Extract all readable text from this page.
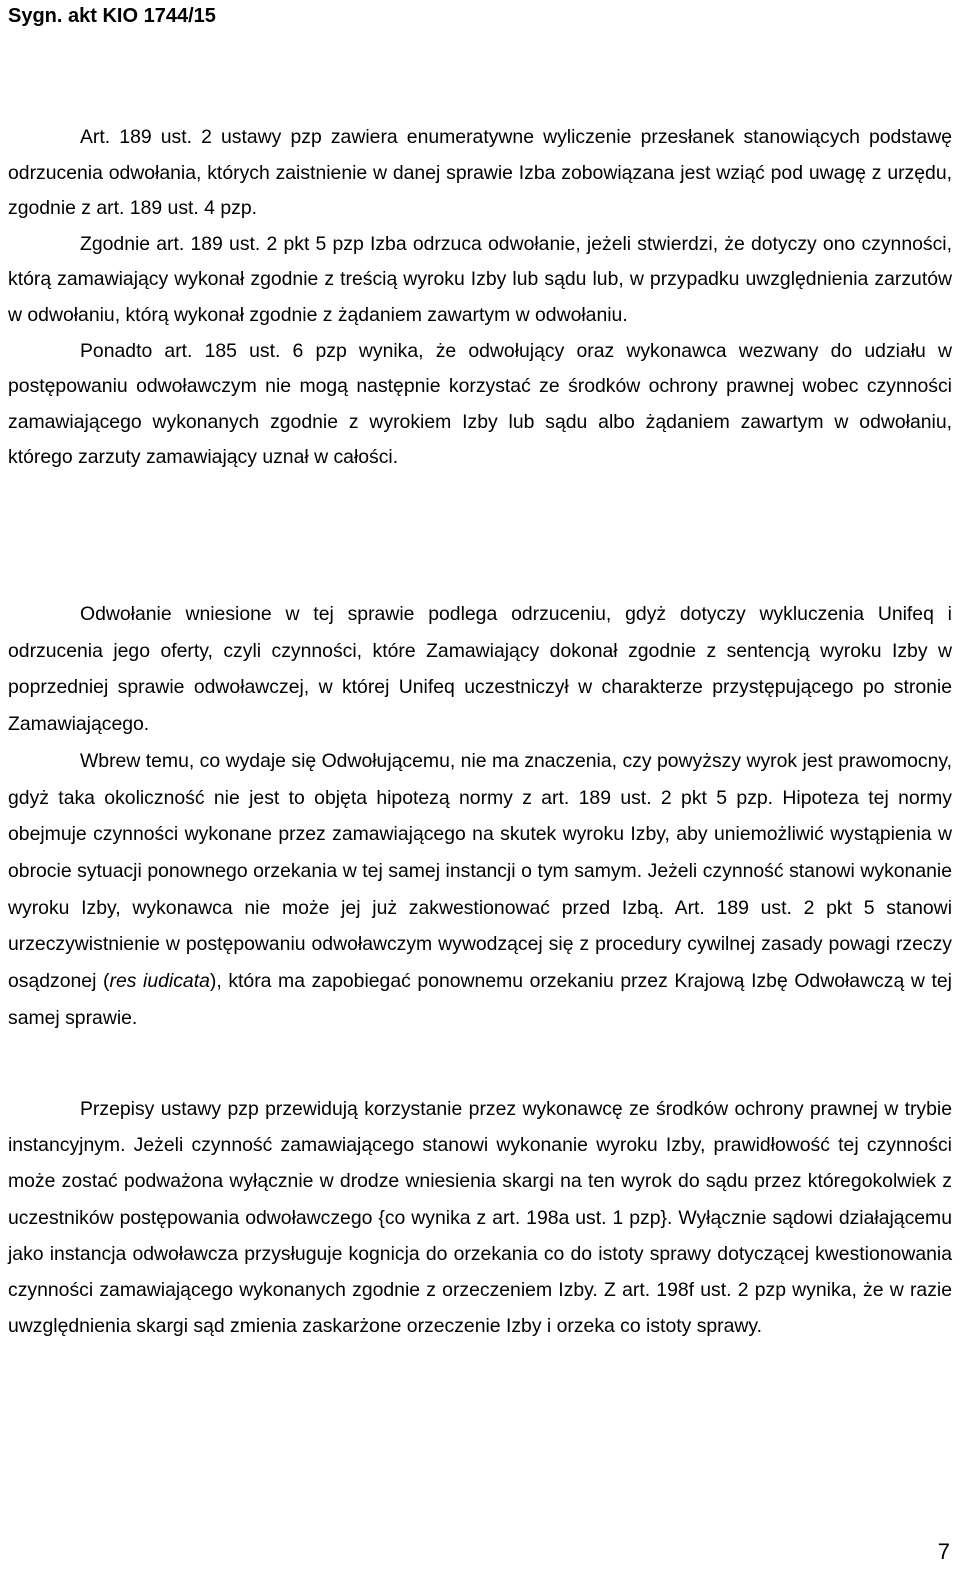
Sygn. akt KIO 1744/15

Art. 189 ust. 2 ustawy pzp zawiera enumeratywne wyliczenie przesłanek stanowiących podstawę odrzucenia odwołania, których zaistnienie w danej sprawie Izba zobowiązana jest wziąć pod uwagę z urzędu, zgodnie z art. 189 ust. 4 pzp.

Zgodnie art. 189 ust. 2 pkt 5 pzp Izba odrzuca odwołanie, jeżeli stwierdzi, że dotyczy ono czynności, którą zamawiający wykonał zgodnie z treścią wyroku Izby lub sądu lub, w przypadku uwzględnienia zarzutów w odwołaniu, którą wykonał zgodnie z żądaniem zawartym w odwołaniu.

Ponadto art. 185 ust. 6 pzp wynika, że odwołujący oraz wykonawca wezwany do udziału w postępowaniu odwoławczym nie mogą następnie korzystać ze środków ochrony prawnej wobec czynności zamawiającego wykonanych zgodnie z wyrokiem Izby lub sądu albo żądaniem zawartym w odwołaniu, którego zarzuty zamawiający uznał w całości.

Odwołanie wniesione w tej sprawie podlega odrzuceniu, gdyż dotyczy wykluczenia Unifeq i odrzucenia jego oferty, czyli czynności, które Zamawiający dokonał zgodnie z sentencją wyroku Izby w poprzedniej sprawie odwoławczej, w której Unifeq uczestniczył w charakterze przystępującego po stronie Zamawiającego.

Wbrew temu, co wydaje się Odwołującemu, nie ma znaczenia, czy powyższy wyrok jest prawomocny, gdyż taka okoliczność nie jest to objęta hipotezą normy z art. 189 ust. 2 pkt 5 pzp. Hipoteza tej normy obejmuje czynności wykonane przez zamawiającego na skutek wyroku Izby, aby uniemożliwić wystąpienia w obrocie sytuacji ponownego orzekania w tej samej instancji o tym samym. Jeżeli czynność stanowi wykonanie wyroku Izby, wykonawca nie może jej już zakwestionować przed Izbą. Art. 189 ust. 2 pkt 5 stanowi urzeczywistnienie w postępowaniu odwoławczym wywodzącej się z procedury cywilnej zasady powagi rzeczy osądzonej (res iudicata), która ma zapobiegać ponownemu orzekaniu przez Krajową Izbę Odwoławczą w tej samej sprawie.

Przepisy ustawy pzp przewidują korzystanie przez wykonawcę ze środków ochrony prawnej w trybie instancyjnym. Jeżeli czynność zamawiającego stanowi wykonanie wyroku Izby, prawidłowość tej czynności może zostać podważona wyłącznie w drodze wniesienia skargi na ten wyrok do sądu przez któregokolwiek z uczestników postępowania odwoławczego {co wynika z art. 198a ust. 1 pzp}. Wyłącznie sądowi działającemu jako instancja odwoławcza przysługuje kognicja do orzekania co do istoty sprawy dotyczącej kwestionowania czynności zamawiającego wykonanych zgodnie z orzeczeniem Izby. Z art. 198f ust. 2 pzp wynika, że w razie uwzględnienia skargi sąd zmienia zaskarżone orzeczenie Izby i orzeka co istoty sprawy.

7
